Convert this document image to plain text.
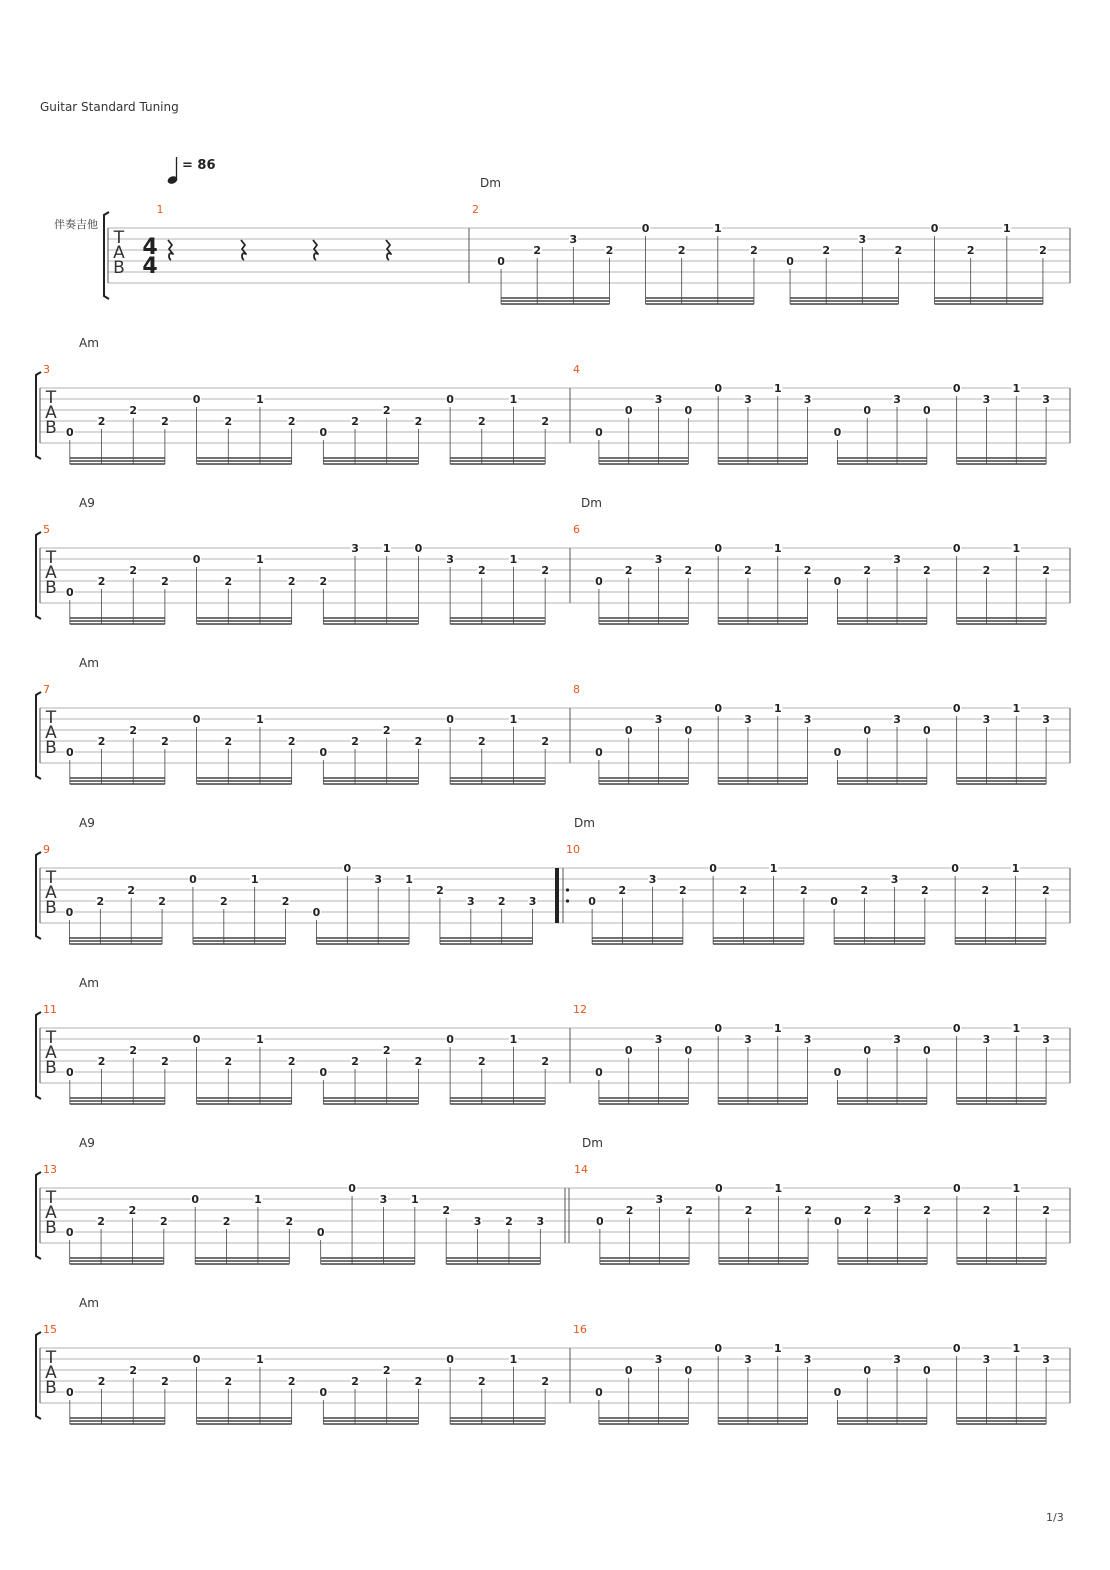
Guitar Standard Tuning
= 86
T
A
B
伴奏吉他
4
4
1	2
Dm
0
2
3
2
0
2
1
2
0
2
3
2
0
2
1
2
T
A
B
3
Am
0
2
2
2
0
2
1
2
0
2
2
2
0
2
1
2
4
0
0
3
0
0
3
1
3
0
0
3
0
0
3
1
3
T
A
B
5
A9
0
2
2
2
0
2
1
2 2
3 1 0
3
2
1
2
6
Dm
0
2
3
2
0
2
1
2
0
2
3
2
0
2
1
2
T
A
B
7
Am
0
2
2
2
0
2
1
2
0
2
2
2
0
2
1
2
8
0
0
3
0
0
3
1
3
0
0
3
0
0
3
1
3
T
A
B
9
A9
0
2
2
2
0
2
1
2
0
0
3 1
2
3 2 3
10
Dm
0
2
3
2
0
2
1
2
0
2
3
2
0
2
1
2
T
A
B
11
Am
0
2
2
2
0
2
1
2
0
2
2
2
0
2
1
2
12
0
0
3
0
0
3
1
3
0
0
3
0
0
3
1
3
T
A
B
13
A9
0
2
2
2
0
2
1
2
0
0
3 1
2
3 2 3
14
Dm
0
2
3
2
0
2
1
2
0
2
3
2
0
2
1
2
T
A
B
15
Am
0
2
2
2
0
2
1
2
0
2
2
2
0
2
1
2
16
0
0
3
0
0
3
1
3
0
0
3
0
0
3
1
3
1/3
